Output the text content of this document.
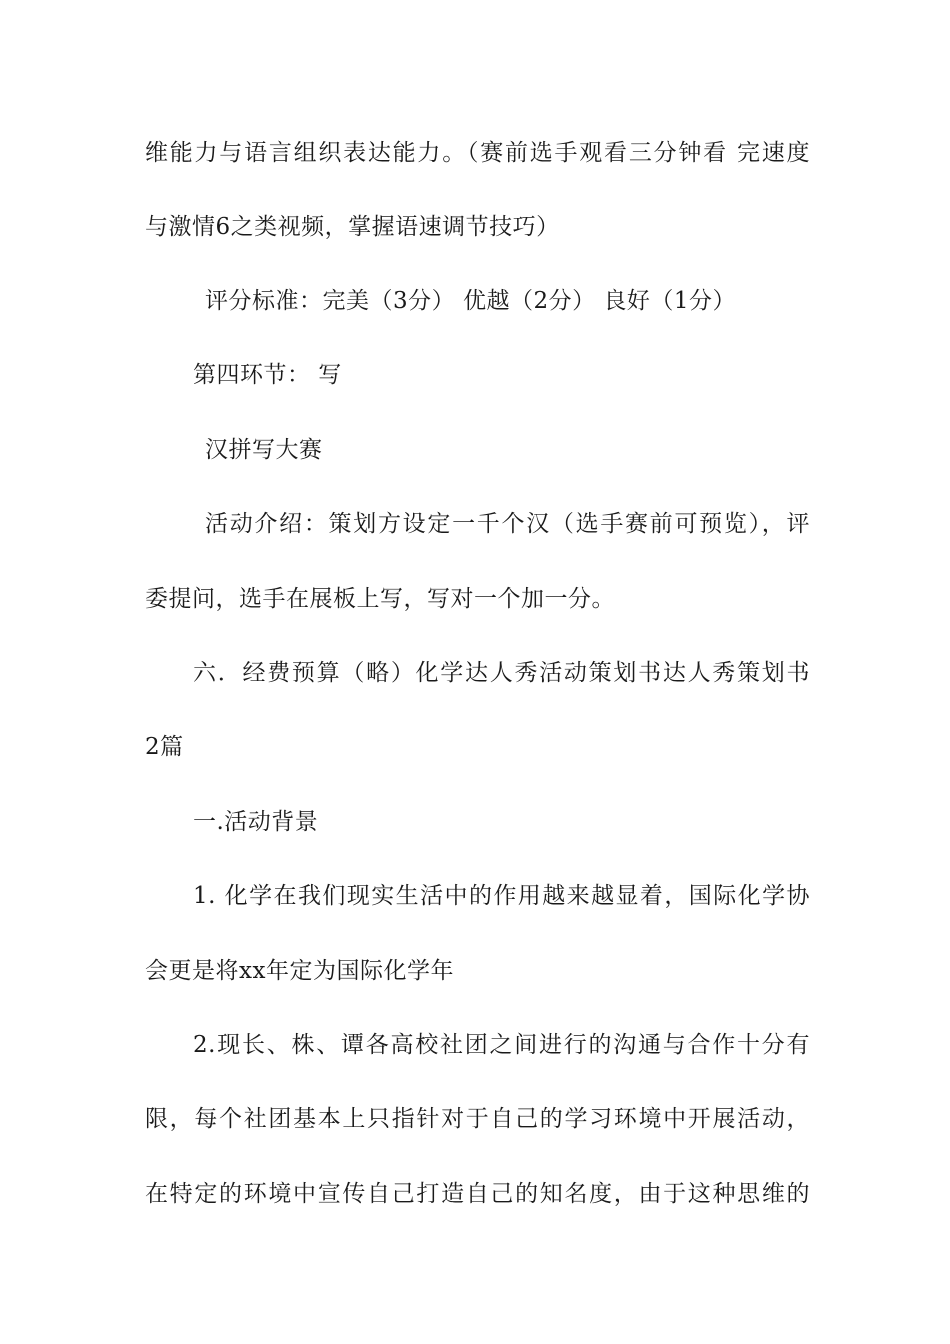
维能力与语言组织表达能力。（赛前选手观看三分钟看 完速度
与激情6之类视频，掌握语速调节技巧）
评分标准：完美（3分） 优越（2分） 良好（1分）
第四环节： 写
汉拼写大赛
活动介绍：策划方设定一千个汉（选手赛前可预览），评
委提问，选手在展板上写，写对一个加一分。
六．经费预算（略）化学达人秀活动策划书达人秀策划书
2篇
一.活动背景
1. 化学在我们现实生活中的作用越来越显着，国际化学协
会更是将xx年定为国际化学年
2.现长、株、谭各高校社团之间进行的沟通与合作十分有
限，每个社团基本上只指针对于自己的学习环境中开展活动，
在特定的环境中宣传自己打造自己的知名度，由于这种思维的
